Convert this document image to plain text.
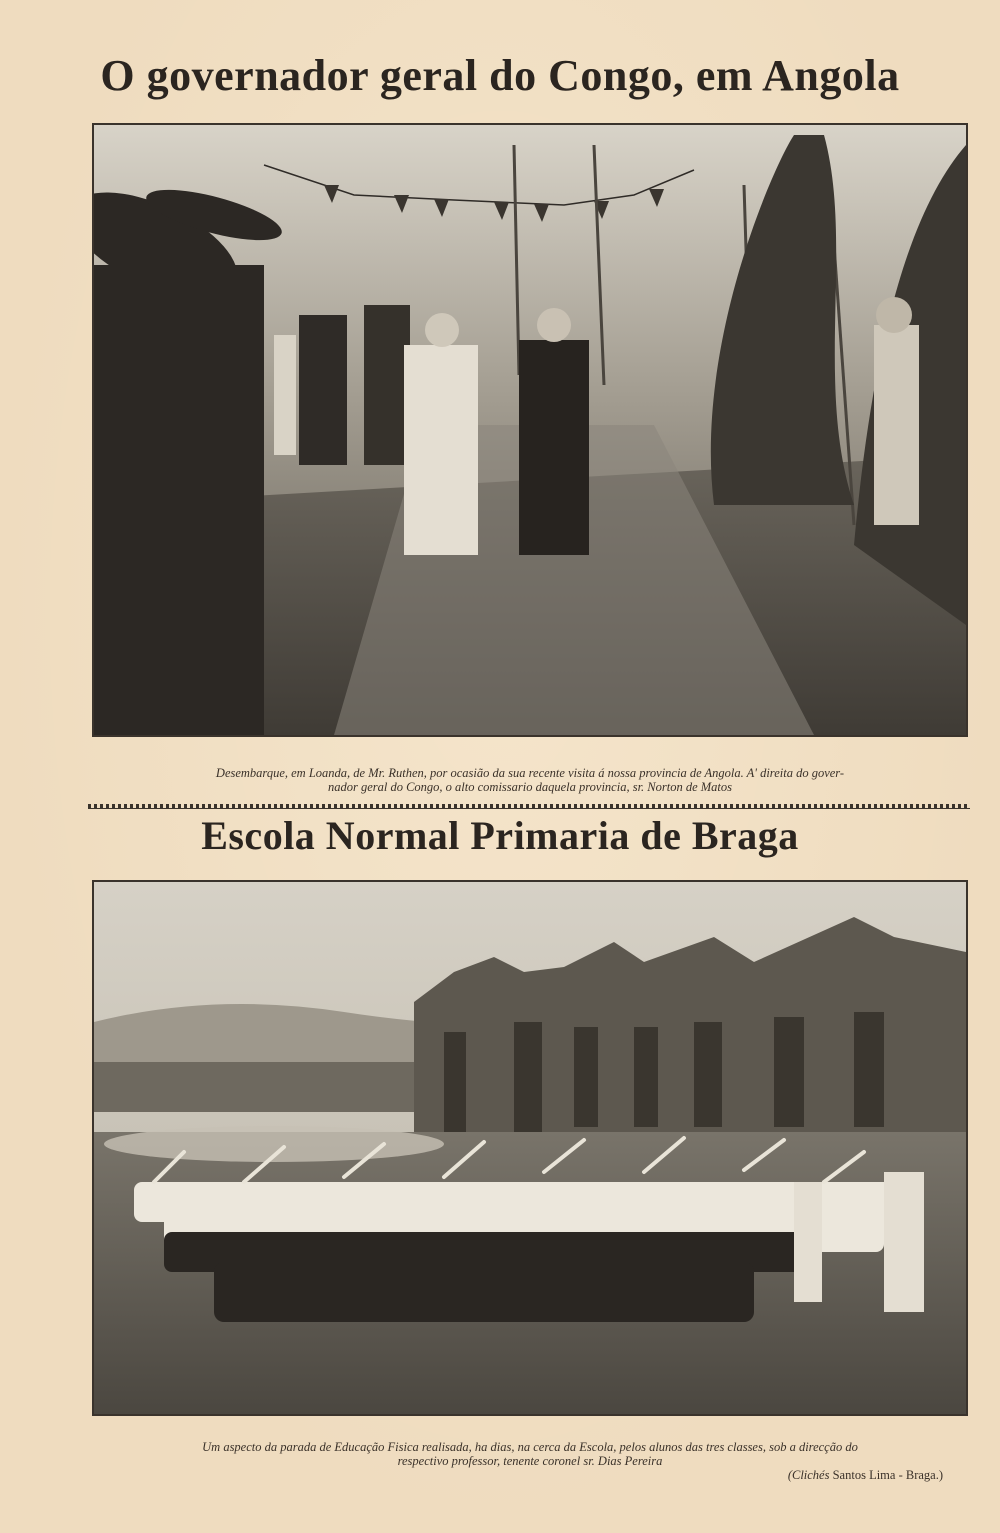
O governador geral do Congo, em Angola
Desembarque, em Loanda, de Mr. Ruthen, por ocasião da sua recente visita á nossa provincia de Angola. A' direita do gover-
nador geral do Congo, o alto comissario daquela provincia, sr. Norton de Matos
Escola Normal Primaria de Braga
Um aspecto da parada de Educação Fisica realisada, ha dias, na cerca da Escola, pelos alunos das tres classes, sob a direcção do
respectivo professor, tenente coronel sr. Dias Pereira
(Clichés Santos Lima - Braga.)
